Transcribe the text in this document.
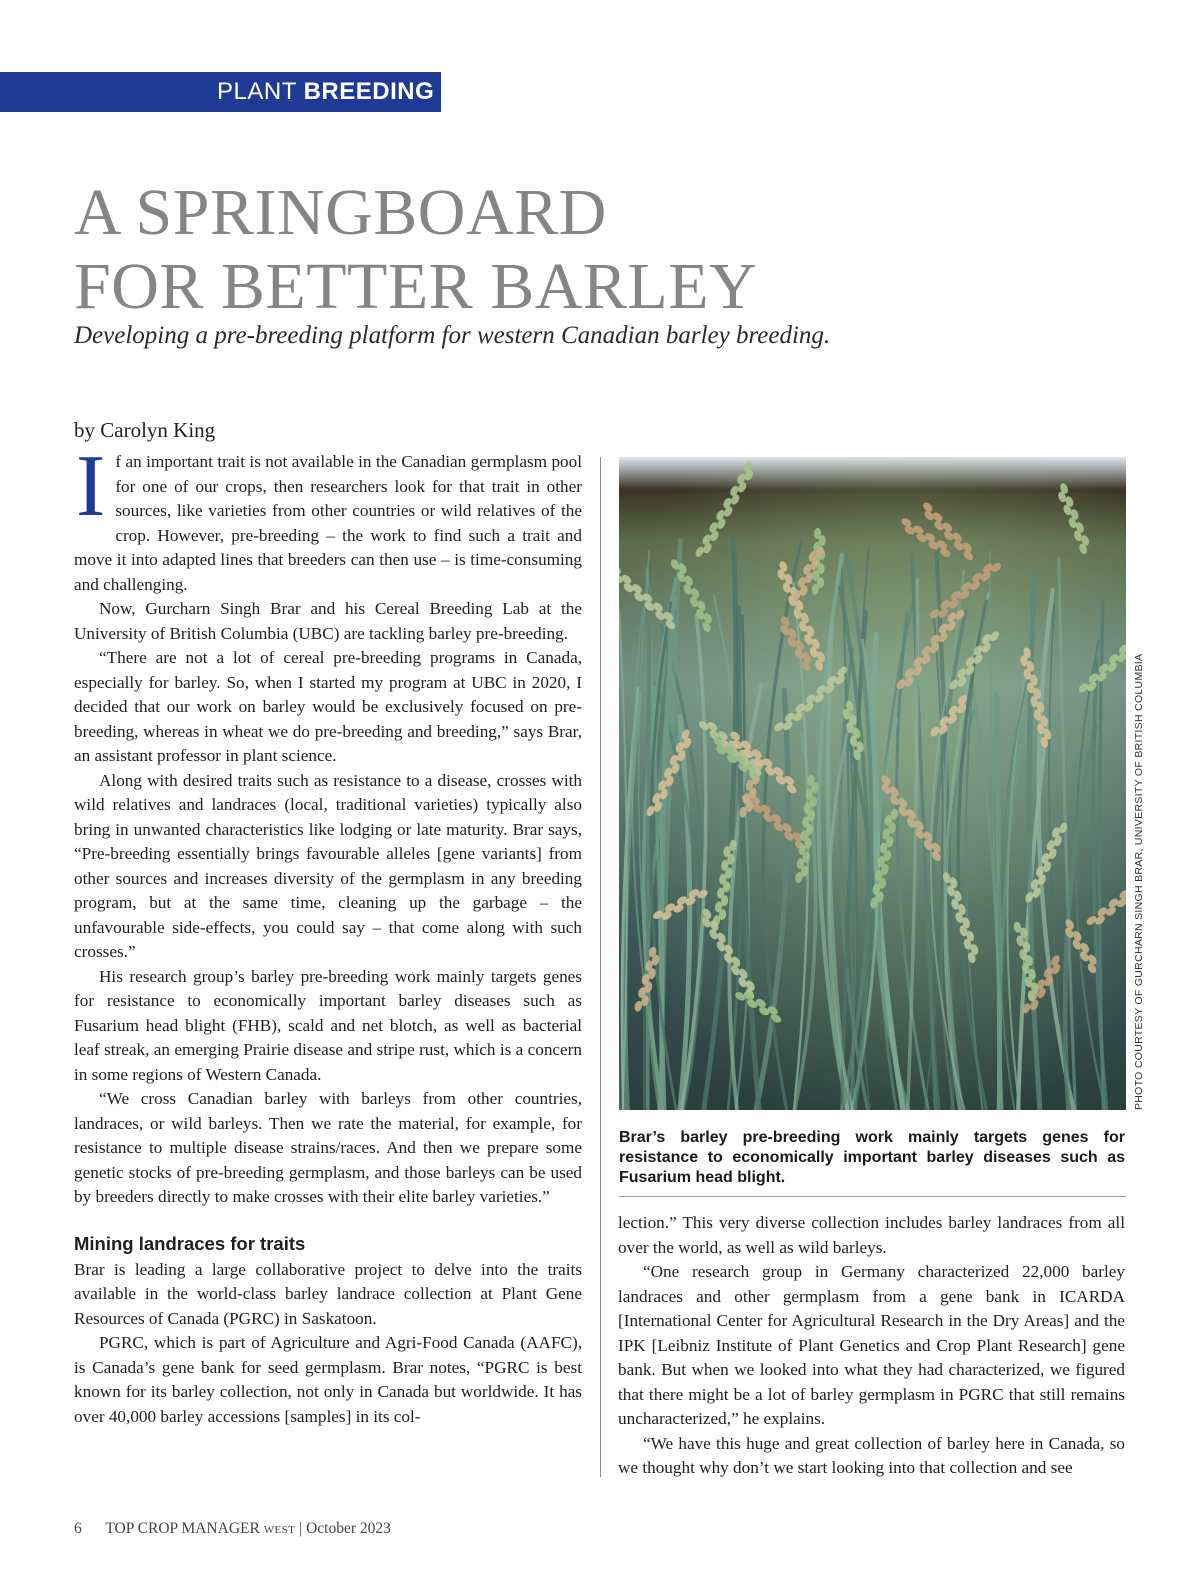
PLANT BREEDING
A SPRINGBOARD
FOR BETTER BARLEY

Developing a pre-breeding platform for western Canadian barley breeding.

by Carolyn King

If an important trait is not available in the Canadian germplasm pool for one of our crops, then researchers look for that trait in other sources, like varieties from other countries or wild relatives of the crop. However, pre-breeding – the work to find such a trait and move it into adapted lines that breeders can then use – is time-consuming and challenging.

Now, Gurcharn Singh Brar and his Cereal Breeding Lab at the University of British Columbia (UBC) are tackling barley pre-breeding.

“There are not a lot of cereal pre-breeding programs in Canada, especially for barley. So, when I started my program at UBC in 2020, I decided that our work on barley would be exclusively focused on pre-breeding, whereas in wheat we do pre-breeding and breeding,” says Brar, an assistant professor in plant science.

Along with desired traits such as resistance to a disease, crosses with wild relatives and landraces (local, traditional varieties) typically also bring in unwanted characteristics like lodging or late maturity. Brar says, “Pre-breeding essentially brings favourable alleles [gene variants] from other sources and increases diversity of the germplasm in any breeding program, but at the same time, cleaning up the garbage – the unfavourable side-effects, you could say – that come along with such crosses.”

His research group’s barley pre-breeding work mainly targets genes for resistance to economically important barley diseases such as Fusarium head blight (FHB), scald and net blotch, as well as bacterial leaf streak, an emerging Prairie disease and stripe rust, which is a concern in some regions of Western Canada.

“We cross Canadian barley with barleys from other countries, landraces, or wild barleys. Then we rate the material, for example, for resistance to multiple disease strains/races. And then we prepare some genetic stocks of pre-breeding germplasm, and those barleys can be used by breeders directly to make crosses with their elite barley varieties.”

Mining landraces for traits

Brar is leading a large collaborative project to delve into the traits available in the world-class barley landrace collection at Plant Gene Resources of Canada (PGRC) in Saskatoon.

PGRC, which is part of Agriculture and Agri-Food Canada (AAFC), is Canada’s gene bank for seed germplasm. Brar notes, “PGRC is best known for its barley collection, not only in Canada but worldwide. It has over 40,000 barley accessions [samples] in its col-

PHOTO COURTESY OF GURCHARN SINGH BRAR, UNIVERSITY OF BRITISH COLUMBIA
Brar’s barley pre-breeding work mainly targets genes for resistance to economically important barley diseases such as Fusarium head blight.

lection.” This very diverse collection includes barley landraces from all over the world, as well as wild barleys.

“One research group in Germany characterized 22,000 barley landraces and other germplasm from a gene bank in ICARDA [International Center for Agricultural Research in the Dry Areas] and the IPK [Leibniz Institute of Plant Genetics and Crop Plant Research] gene bank. But when we looked into what they had characterized, we figured that there might be a lot of barley germplasm in PGRC that still remains uncharacterized,” he explains.

“We have this huge and great collection of barley here in Canada, so we thought why don’t we start looking into that collection and see

6 TOP CROP MANAGER WEST | October 2023
